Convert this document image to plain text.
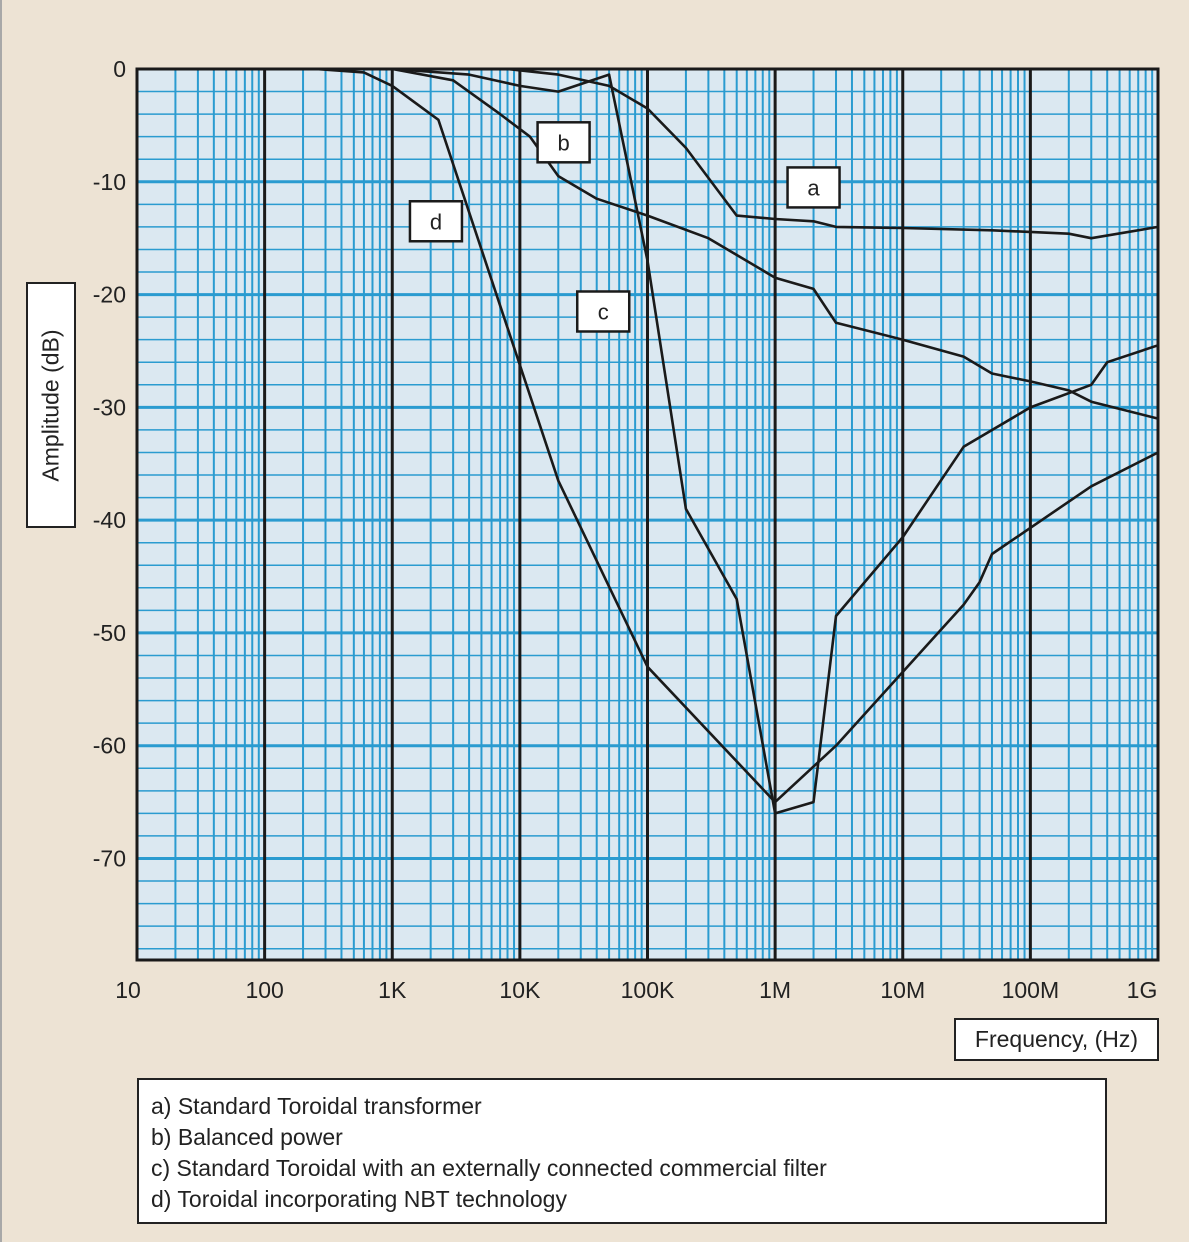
a
b
c
d
0
-10
-20
-30
-40
-50
-60
-70
10	100	1K	10K	100K	1M	10M	100M	1G
Amplitude (dB)
Frequency, (Hz)
a) Standard Toroidal transformer
b) Balanced power
c) Standard Toroidal with an externally connected commercial filter
d) Toroidal incorporating NBT technology
